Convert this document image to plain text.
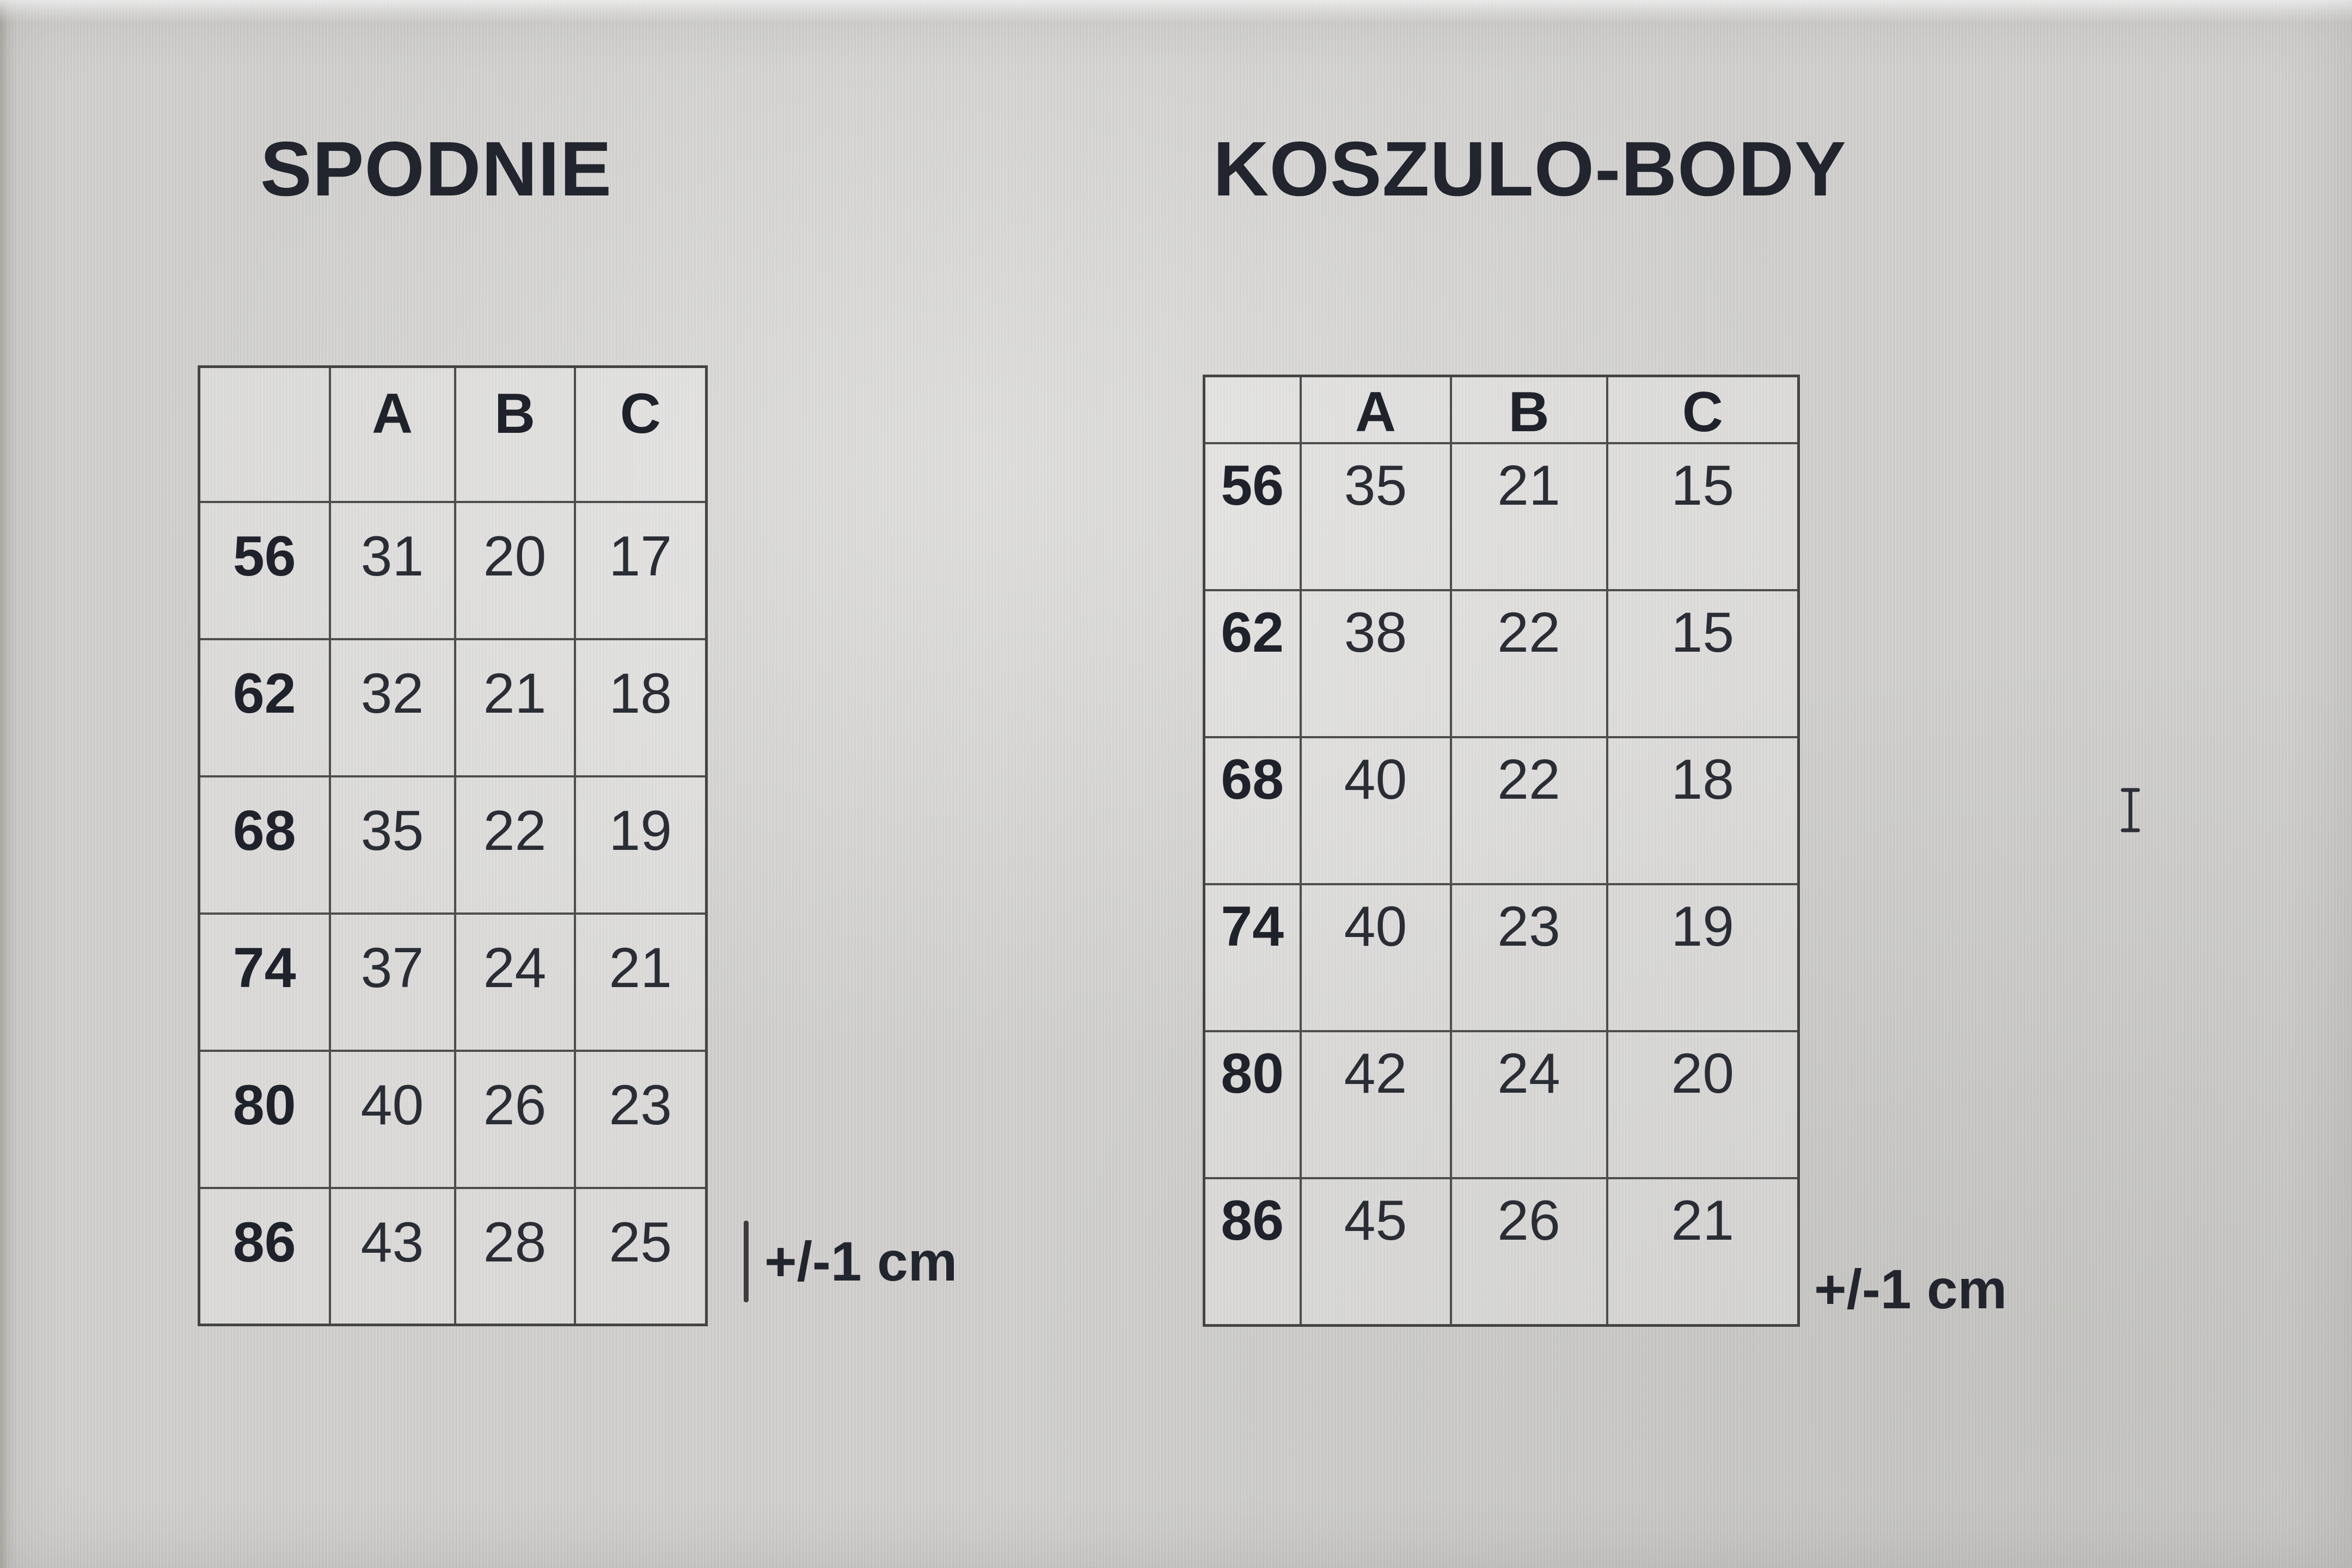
SPODNIE	KOSZULO-BODY
	A	B	C
56	31	20	17
62	32	21	18
68	35	22	19
74	37	24	21
80	40	26	23
86	43	28	25 +/-1 cm
	A	B	C
56	35	21	15
62	38	22	15
68	40	22	18
74	40	23	19
80	42	24	20
86	45	26	21
+/-1 cm
